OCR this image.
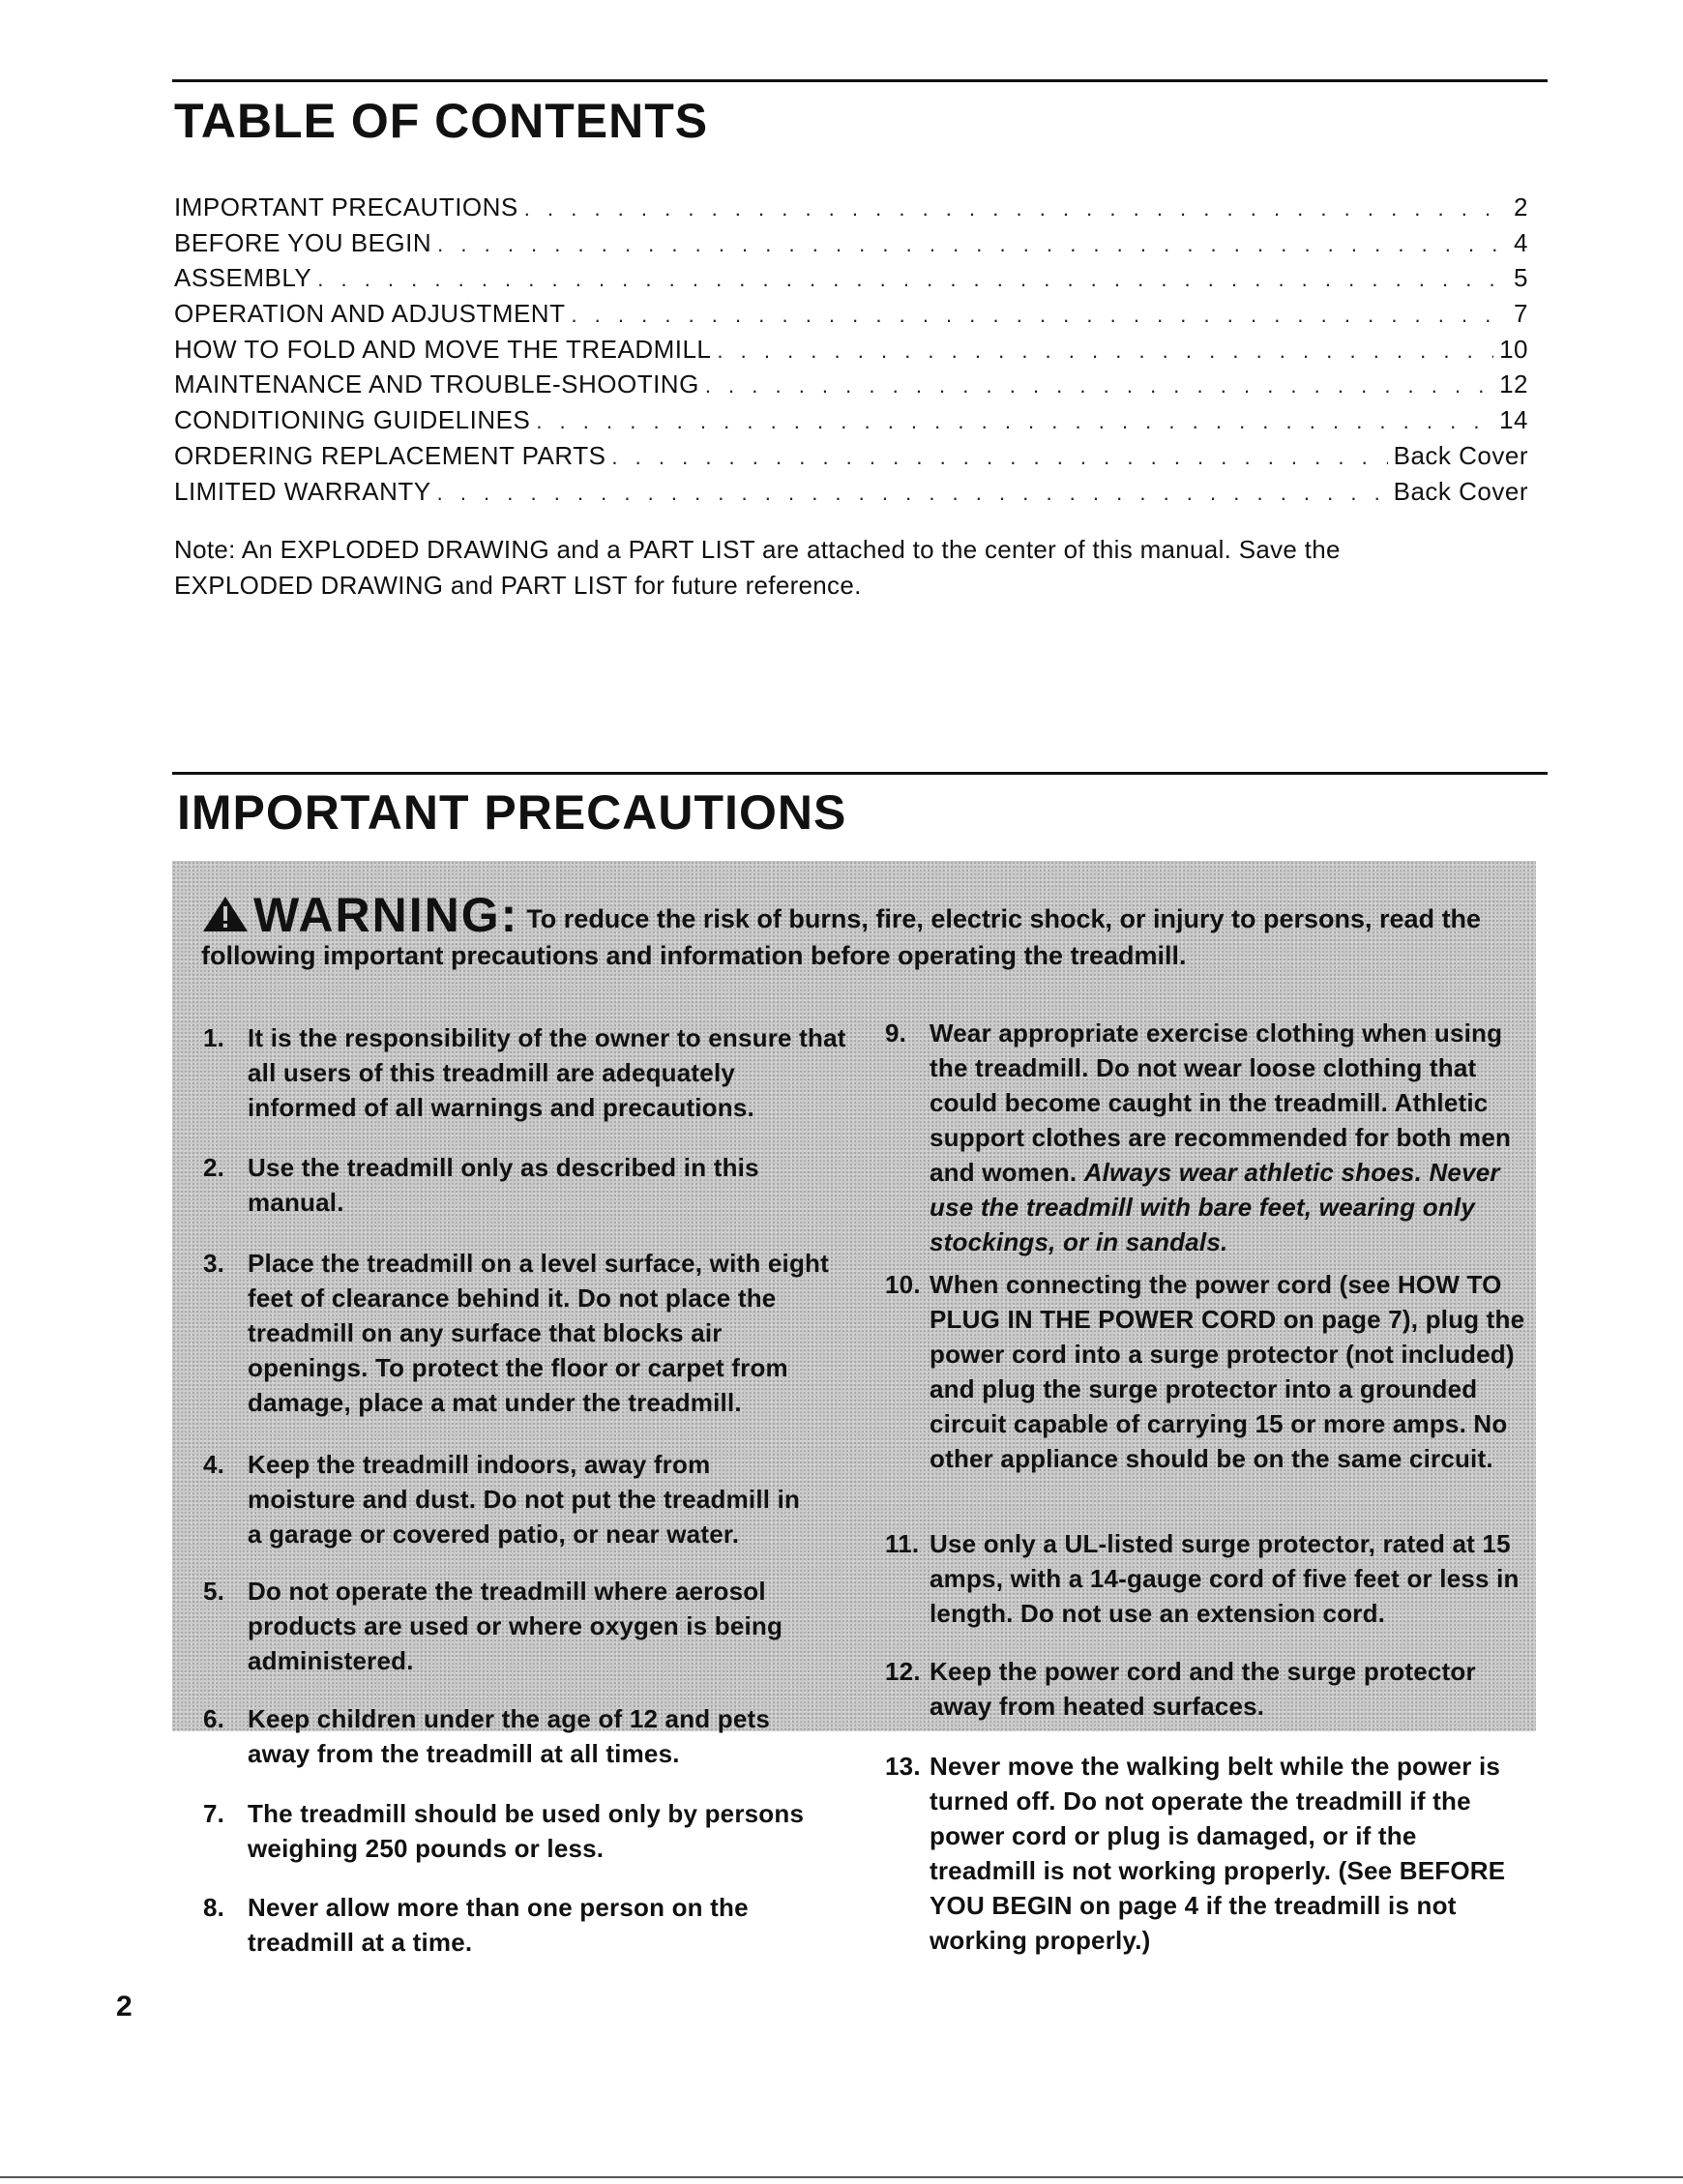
TABLE OF CONTENTS
IMPORTANT PRECAUTIONS . . .	2
BEFORE YOU BEGIN . . .	4
ASSEMBLY . . .	5
OPERATION AND ADJUSTMENT . . .	7
HOW TO FOLD AND MOVE THE TREADMILL . . .	10
MAINTENANCE AND TROUBLE-SHOOTING . . .	12
CONDITIONING GUIDELINES . . .	14
ORDERING REPLACEMENT PARTS . . .	Back Cover
LIMITED WARRANTY . . .	Back Cover
Note: An EXPLODED DRAWING and a PART LIST are attached to the center of this manual. Save the
EXPLODED DRAWING and PART LIST for future reference.
IMPORTANT PRECAUTIONS
WARNING: To reduce the risk of burns, fire, electric shock, or injury to persons, read the following important precautions and information before operating the treadmill.
1. It is the responsibility of the owner to ensure that all users of this treadmill are adequately informed of all warnings and precautions.
2. Use the treadmill only as described in this manual.
3. Place the treadmill on a level surface, with eight feet of clearance behind it. Do not place the treadmill on any surface that blocks air openings. To protect the floor or carpet from damage, place a mat under the treadmill.
4. Keep the treadmill indoors, away from moisture and dust. Do not put the treadmill in a garage or covered patio, or near water.
5. Do not operate the treadmill where aerosol products are used or where oxygen is being administered.
6. Keep children under the age of 12 and pets away from the treadmill at all times.
7. The treadmill should be used only by persons weighing 250 pounds or less.
8. Never allow more than one person on the treadmill at a time.
9. Wear appropriate exercise clothing when using the treadmill. Do not wear loose clothing that could become caught in the treadmill. Athletic support clothes are recommended for both men and women. Always wear athletic shoes. Never use the treadmill with bare feet, wearing only stockings, or in sandals.
10. When connecting the power cord (see HOW TO PLUG IN THE POWER CORD on page 7), plug the power cord into a surge protector (not included) and plug the surge protector into a grounded circuit capable of carrying 15 or more amps. No other appliance should be on the same circuit.
11. Use only a UL-listed surge protector, rated at 15 amps, with a 14-gauge cord of five feet or less in length. Do not use an extension cord.
12. Keep the power cord and the surge protector away from heated surfaces.
13. Never move the walking belt while the power is turned off. Do not operate the treadmill if the power cord or plug is damaged, or if the treadmill is not working properly. (See BEFORE YOU BEGIN on page 4 if the treadmill is not working properly.)
2
